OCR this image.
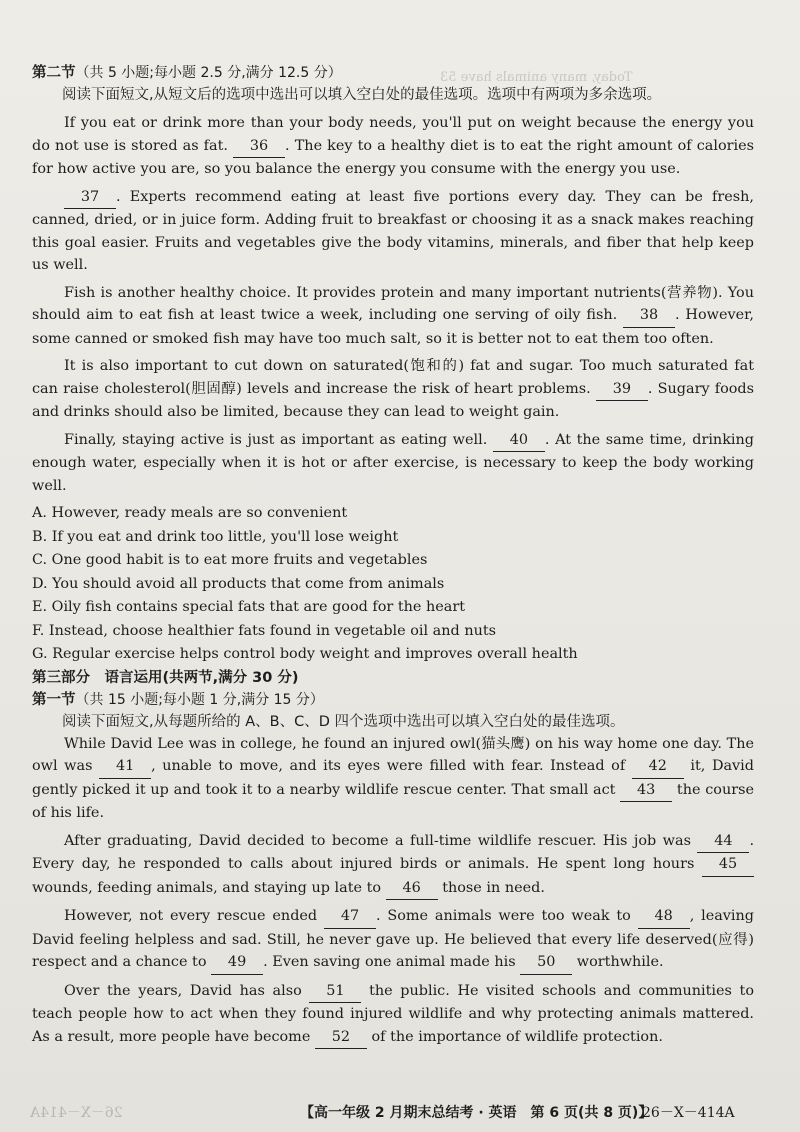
Today, many animals have 53

第二节（共 5 小题;每小题 2.5 分,满分 12.5 分）

阅读下面短文,从短文后的选项中选出可以填入空白处的最佳选项。选项中有两项为多余选项。

If you eat or drink more than your body needs, you'll put on weight because the energy you do not use is stored as fat. 36 . The key to a healthy diet is to eat the right amount of calories for how active you are, so you balance the energy you consume with the energy you use.

37 . Experts recommend eating at least five portions every day. They can be fresh, canned, dried, or in juice form. Adding fruit to breakfast or choosing it as a snack makes reaching this goal easier. Fruits and vegetables give the body vitamins, minerals, and fiber that help keep us well.

Fish is another healthy choice. It provides protein and many important nutrients(营养物). You should aim to eat fish at least twice a week, including one serving of oily fish. 38 . However, some canned or smoked fish may have too much salt, so it is better not to eat them too often.

It is also important to cut down on saturated(饱和的) fat and sugar. Too much saturated fat can raise cholesterol(胆固醇) levels and increase the risk of heart problems. 39 . Sugary foods and drinks should also be limited, because they can lead to weight gain.

Finally, staying active is just as important as eating well. 40 . At the same time, drinking enough water, especially when it is hot or after exercise, is necessary to keep the body working well.

A. However, ready meals are so convenient
B. If you eat and drink too little, you'll lose weight
C. One good habit is to eat more fruits and vegetables
D. You should avoid all products that come from animals
E. Oily fish contains special fats that are good for the heart
F. Instead, choose healthier fats found in vegetable oil and nuts
G. Regular exercise helps control body weight and improves overall health

第三部分　语言运用(共两节,满分 30 分)

第一节（共 15 小题;每小题 1 分,满分 15 分）

阅读下面短文,从每题所给的 A、B、C、D 四个选项中选出可以填入空白处的最佳选项。

While David Lee was in college, he found an injured owl(猫头鹰) on his way home one day. The owl was 41 , unable to move, and its eyes were filled with fear. Instead of 42 it, David gently picked it up and took it to a nearby wildlife rescue center. That small act 43 the course of his life.

After graduating, David decided to become a full-time wildlife rescuer. His job was 44 . Every day, he responded to calls about injured birds or animals. He spent long hours 45 wounds, feeding animals, and staying up late to 46 those in need.

However, not every rescue ended 47 . Some animals were too weak to 48 , leaving David feeling helpless and sad. Still, he never gave up. He believed that every life deserved(应得) respect and a chance to 49 . Even saving one animal made his 50 worthwhile.

Over the years, David has also 51 the public. He visited schools and communities to teach people how to act when they found injured wildlife and why protecting animals mattered. As a result, more people have become 52 of the importance of wildlife protection.

26－X－414A	【高一年级 2 月期末总结考 · 英语　第 6 页(共 8 页)】
26－X－414A
